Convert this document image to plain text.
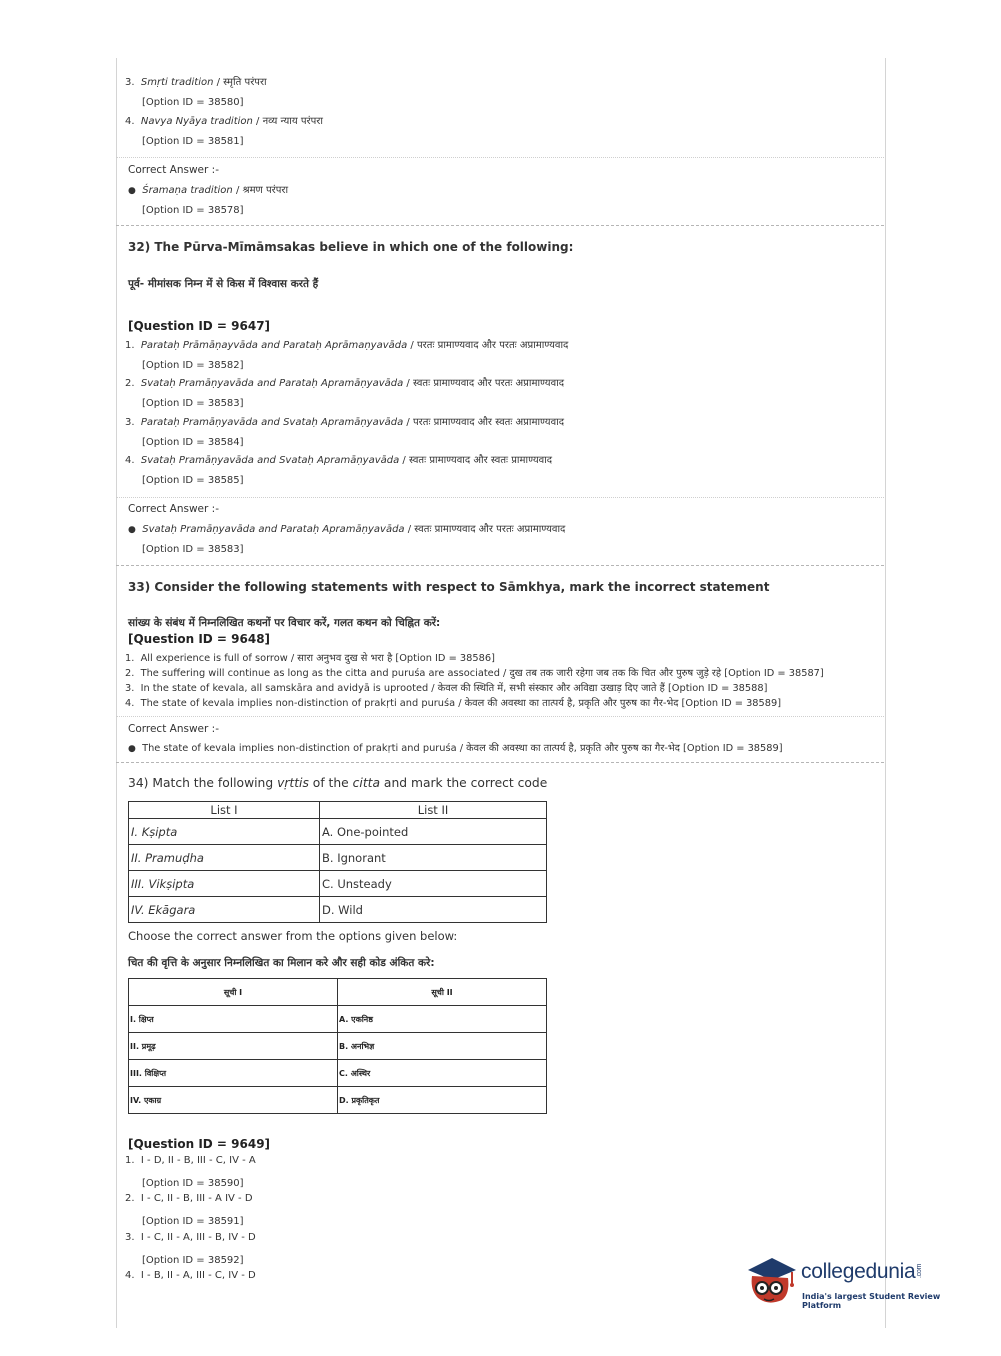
3. Smṛti tradition / स्मृति परंपरा
[Option ID = 38580]
4. Navya Nyāya tradition / नव्य न्याय परंपरा
[Option ID = 38581]
Correct Answer :-
● Śramaṇa tradition / श्रमण परंपरा
[Option ID = 38578]
32) The Pūrva-Mīmāmsakas believe in which one of the following:
पूर्व- मीमांसक निम्न में से किस में विश्वास करते हैं
[Question ID = 9647]
1. Parataḥ Prāmāṇayvāda and Parataḥ Aprāmaṇyavāda / परतः प्रामाण्यवाद और परतः अप्रामाण्यवाद
[Option ID = 38582]
2. Svataḥ Pramāṇyavāda and Parataḥ Apramāṇyavāda / स्वतः प्रामाण्यवाद और परतः अप्रामाण्यवाद
[Option ID = 38583]
3. Parataḥ Pramāṇyavāda and Svataḥ Apramāṇyavāda / परतः प्रामाण्यवाद और स्वतः अप्रामाण्यवाद
[Option ID = 38584]
4. Svataḥ Pramāṇyavāda and Svataḥ Apramāṇyavāda / स्वतः प्रामाण्यवाद और स्वतः प्रामाण्यवाद
[Option ID = 38585]
Correct Answer :-
● Svataḥ Pramāṇyavāda and Parataḥ Apramāṇyavāda / स्वतः प्रामाण्यवाद और परतः अप्रामाण्यवाद
[Option ID = 38583]
33) Consider the following statements with respect to Sāmkhya, mark the incorrect statement
सांख्य के संबंध में निम्नलिखित कथनों पर विचार करें, गलत कथन को चिह्नित करें:
[Question ID = 9648]
1. All experience is full of sorrow / सारा अनुभव दुख से भरा है [Option ID = 38586]
2. The suffering will continue as long as the citta and puruśa are associated / दुख तब तक जारी रहेगा जब तक कि चित और पुरुष जुड़े रहे [Option ID = 38587]
3. In the state of kevala, all samskāra and avidyā is uprooted / केवल की स्थिति में, सभी संस्कार और अविद्या उखाड़ दिए जाते हैं [Option ID = 38588]
4. The state of kevala implies non-distinction of prakṛti and puruśa / केवल की अवस्था का तात्पर्य है, प्रकृति और पुरुष का गैर-भेद [Option ID = 38589]
Correct Answer :-
● The state of kevala implies non-distinction of prakṛti and puruśa / केवल की अवस्था का तात्पर्य है, प्रकृति और पुरुष का गैर-भेद [Option ID = 38589]
34) Match the following vṛttis of the citta and mark the correct code
List I	List II
I. Kṣipta	A. One-pointed
II. Pramuḍha	B. Ignorant
III. Vikṣipta	C. Unsteady
IV. Ekāgara	D. Wild
Choose the correct answer from the options given below:
चित की वृत्ति के अनुसार निम्नलिखित का मिलान करे और सही कोड अंकित करे:
सूची I	सूची II
I. क्षिप्त	A. एकनिष्ठ
II. प्रमूढ़	B. अनभिज्ञ
III. विक्षिप्त	C. अस्थिर
IV. एकाग्र	D. प्रकृतिकृत
[Question ID = 9649]
1. I - D, II - B, III - C, IV - A
[Option ID = 38590]
2. I - C, II - B, III - A IV - D
[Option ID = 38591]
3. I - C, II - A, III - B, IV - D
[Option ID = 38592]
4. I - B, II - A, III - C, IV - D	collegedunia.com
India's largest Student Review Platform
